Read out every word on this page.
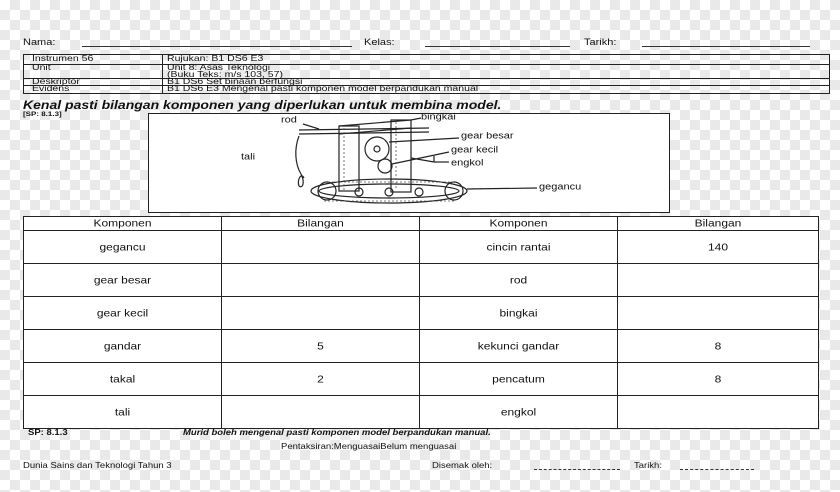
Nama:	Kelas:	Tarikh:
Instrumen 56	Rujukan: B1 DS6 E3
Unit	Unit 8: Asas Teknologi
(Buku Teks: m/s 103, 57)
Deskriptor	B1 DS6 Set binaan berfungsi
Evidens	B1 DS6 E3 Mengenal pasti komponen model berpandukan manual
Kenal pasti bilangan komponen yang diperlukan untuk membina model.
[SP: 8.1.3]
rod	bingkai
gear besar
gear kecil
engkol
tali
gegancu
Komponen	Bilangan	Komponen	Bilangan
gegancu		cincin rantai	140
gear besar		rod	
gear kecil		bingkai	
gandar	5	kekunci gandar	8
takal	2	pencatum	8
tali		engkol	
SP: 8.1.3	Murid boleh mengenal pasti komponen model berpandukan manual.
Pentaksiran:MenguasaiBelum menguasai
Dunia Sains dan Teknologi Tahun 3	Disemak oleh:	Tarikh:
